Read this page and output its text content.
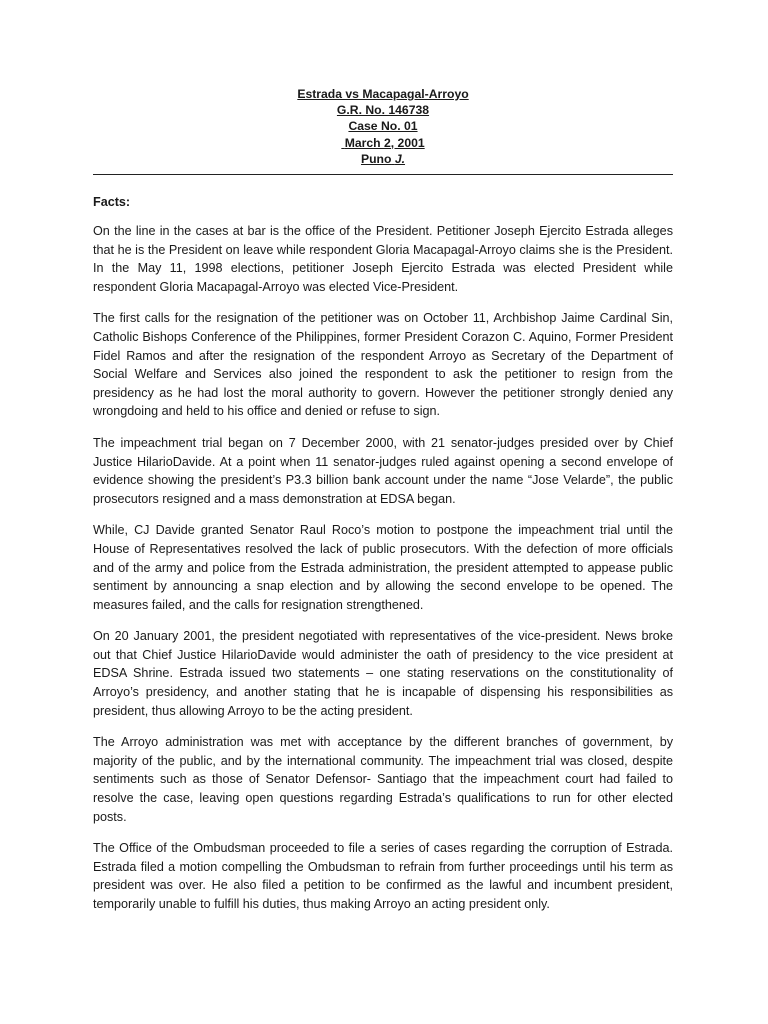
Estrada vs Macapagal-Arroyo
G.R. No. 146738
Case No. 01
March 2, 2001
Puno J.
Facts:

On the line in the cases at bar is the office of the President. Petitioner Joseph Ejercito Estrada alleges that he is the President on leave while respondent Gloria Macapagal-Arroyo claims she is the President. In the May 11, 1998 elections, petitioner Joseph Ejercito Estrada was elected President while respondent Gloria Macapagal-Arroyo was elected Vice-President.

The first calls for the resignation of the petitioner was on October 11, Archbishop Jaime Cardinal Sin, Catholic Bishops Conference of the Philippines, former President Corazon C. Aquino, Former President Fidel Ramos and after the resignation of the respondent Arroyo as Secretary of the Department of Social Welfare and Services also joined the respondent to ask the petitioner to resign from the presidency as he had lost the moral authority to govern. However the petitioner strongly denied any wrongdoing and held to his office and denied or refuse to sign.

The impeachment trial began on 7 December 2000, with 21 senator-judges presided over by Chief Justice HilarioDavide. At a point when 11 senator-judges ruled against opening a second envelope of evidence showing the president’s P3.3 billion bank account under the name “Jose Velarde”, the public prosecutors resigned and a mass demonstration at EDSA began.

While, CJ Davide granted Senator Raul Roco’s motion to postpone the impeachment trial until the House of Representatives resolved the lack of public prosecutors. With the defection of more officials and of the army and police from the Estrada administration, the president attempted to appease public sentiment by announcing a snap election and by allowing the second envelope to be opened. The measures failed, and the calls for resignation strengthened.

On 20 January 2001, the president negotiated with representatives of the vice-president. News broke out that Chief Justice HilarioDavide would administer the oath of presidency to the vice president at EDSA Shrine. Estrada issued two statements – one stating reservations on the constitutionality of Arroyo’s presidency, and another stating that he is incapable of dispensing his responsibilities as president, thus allowing Arroyo to be the acting president.

The Arroyo administration was met with acceptance by the different branches of government, by majority of the public, and by the international community. The impeachment trial was closed, despite sentiments such as those of Senator Defensor- Santiago that the impeachment court had failed to resolve the case, leaving open questions regarding Estrada’s qualifications to run for other elected posts.

The Office of the Ombudsman proceeded to file a series of cases regarding the corruption of Estrada. Estrada filed a motion compelling the Ombudsman to refrain from further proceedings until his term as president was over. He also filed a petition to be confirmed as the lawful and incumbent president, temporarily unable to fulfill his duties, thus making Arroyo an acting president only.
